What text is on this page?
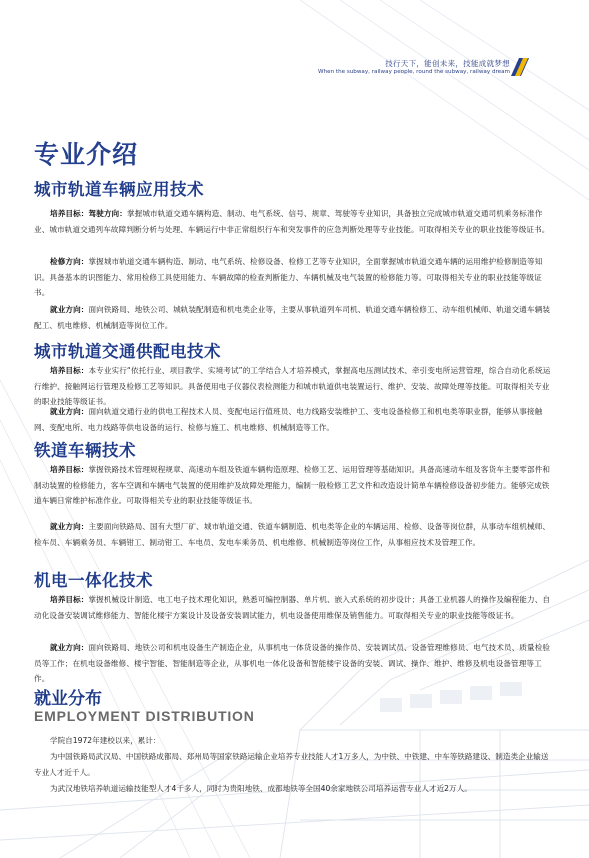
技行天下，能创未来，技能成就梦想
When the subway, railway people, round the subway, railway dream
专业介绍
城市轨道车辆应用技术

培养目标：驾驶方向：掌握城市轨道交通车辆构造、制动、电气系统、信号、规章、驾驶等专业知识，具备独立完成城市轨道交通司机乘务标准作业、城市轨道交通列车故障判断分析与处理、车辆运行中非正常组织行车和突发事件的应急判断处理等专业技能。可取得相关专业的职业技能等级证书。

检修方向：掌握城市轨道交通车辆构造、制动、电气系统、检修设备、检修工艺等专业知识，全面掌握城市轨道交通车辆的运用维护检修制造等知识。具备基本的识图能力、常用检修工具使用能力、车辆故障的检查判断能力、车辆机械及电气装置的检修能力等。可取得相关专业的职业技能等级证书。

就业方向：面向铁路局、地铁公司、城轨装配制造和机电类企业等，主要从事轨道列车司机、轨道交通车辆检修工、动车组机械师、轨道交通车辆装配工、机电维修、机械制造等岗位工作。

城市轨道交通供配电技术

培养目标：本专业实行“依托行业、项目教学、实境考试”的工学结合人才培养模式，掌握高电压测试技术、牵引变电所运营管理，综合自动化系统运行维护、接触网运行管理及检修工艺等知识。具备使用电子仪器仪表检测能力和城市轨道供电装置运行、维护、安装、故障处理等技能。可取得相关专业的职业技能等级证书。

就业方向：面向轨道交通行业的供电工程技术人员、变配电运行值班员、电力线路安装维护工、变电设备检修工和机电类等职业群，能够从事接触网、变配电所、电力线路等供电设备的运行、检修与施工、机电维修、机械制造等工作。

铁道车辆技术

培养目标：掌握铁路技术管理规程规章、高速动车组及铁道车辆构造原理、检修工艺、运用管理等基础知识。具备高速动车组及客货车主要零部件和制动装置的检修能力，客车空调和车辆电气装置的使用维护及故障处理能力，编制一般检修工艺文件和改造设计简单车辆检修设备初步能力。能够完成铁道车辆日常维护标准作业。可取得相关专业的职业技能等级证书。

就业方向：主要面向铁路局、国有大型厂矿、城市轨道交通、铁道车辆制造、机电类等企业的车辆运用、检修、设备等岗位群，从事动车组机械师、检车员、车辆乘务员、车辆钳工、制动钳工、车电员、发电车乘务员、机电维修、机械制造等岗位工作，从事相应技术及管理工作。

机电一体化技术

培养目标：掌握机械设计制造、电工电子技术理化知识，熟悉可编控制器、单片机、嵌入式系统的初步设计；具备工业机器人的操作及编程能力、自动化设备安装调试维修能力、智能化楼宇方案设计及设备安装调试能力，机电设备使用维保及销售能力。可取得相关专业的职业技能等级证书。

就业方向：面向铁路局、地铁公司和机电设备生产制造企业，从事机电一体货设备的操作员、安装调试员、设备管理维修员、电气技术员、质量检验员等工作；在机电设备维修、楼宇智能、智能制造等企业，从事机电一体化设备和智能楼宇设备的安装、调试、操作、维护、维修及机电设备管理等工作。

就业分布
EMPLOYMENT DISTRIBUTION

学院自1972年建校以来，累计：

为中国铁路局武汉局、中国铁路成都局、郑州局等国家铁路运输企业培养专业技能人才1万多人，为中铁、中铁建、中车等铁路建设、制造类企业输送专业人才近千人。

为武汉地铁培养轨道运输技能型人才4千多人，同时为贵阳地铁、成都地铁等全国40余家地铁公司培养运营专业人才近2万人。
